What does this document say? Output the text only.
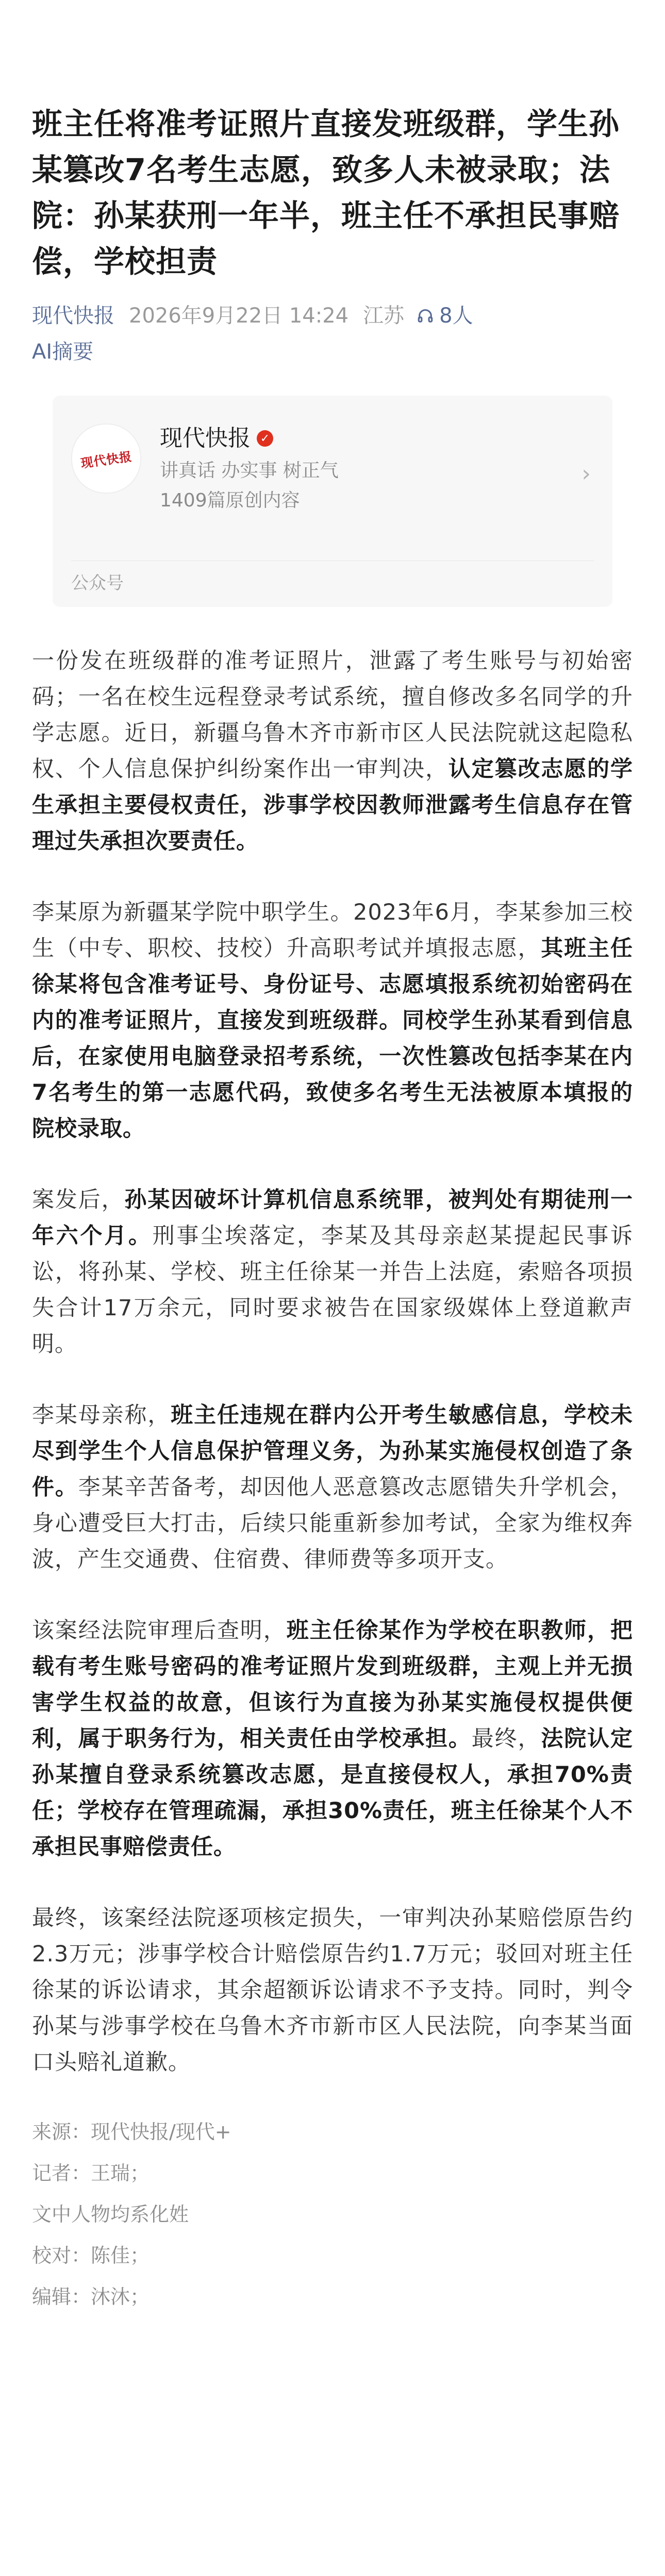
班主任将准考证照片直接发班级群，学生孙某篡改7名考生志愿，致多人未被录取；法院：孙某获刑一年半，班主任不承担民事赔偿，学校担责
现代快报 2026年9月22日 14:24 江苏 8人
AI摘要
现代快报
现代快报 ✓
讲真话 办实事 树正气
1409篇原创内容
›
公众号

一份发在班级群的准考证照片，泄露了考生账号与初始密码；一名在校生远程登录考试系统，擅自修改多名同学的升学志愿。近日，新疆乌鲁木齐市新市区人民法院就这起隐私权、个人信息保护纠纷案作出一审判决，认定篡改志愿的学生承担主要侵权责任，涉事学校因教师泄露考生信息存在管理过失承担次要责任。

李某原为新疆某学院中职学生。2023年6月，李某参加三校生（中专、职校、技校）升高职考试并填报志愿，其班主任徐某将包含准考证号、身份证号、志愿填报系统初始密码在内的准考证照片，直接发到班级群。同校学生孙某看到信息后，在家使用电脑登录招考系统，一次性篡改包括李某在内7名考生的第一志愿代码，致使多名考生无法被原本填报的院校录取。

案发后，孙某因破坏计算机信息系统罪，被判处有期徒刑一年六个月。刑事尘埃落定，李某及其母亲赵某提起民事诉讼，将孙某、学校、班主任徐某一并告上法庭，索赔各项损失合计17万余元，同时要求被告在国家级媒体上登道歉声明。

李某母亲称，班主任违规在群内公开考生敏感信息，学校未尽到学生个人信息保护管理义务，为孙某实施侵权创造了条件。李某辛苦备考，却因他人恶意篡改志愿错失升学机会，身心遭受巨大打击，后续只能重新参加考试，全家为维权奔波，产生交通费、住宿费、律师费等多项开支。

该案经法院审理后查明，班主任徐某作为学校在职教师，把载有考生账号密码的准考证照片发到班级群，主观上并无损害学生权益的故意，但该行为直接为孙某实施侵权提供便利，属于职务行为，相关责任由学校承担。最终，法院认定孙某擅自登录系统篡改志愿，是直接侵权人，承担70%责任；学校存在管理疏漏，承担30%责任，班主任徐某个人不承担民事赔偿责任。

最终，该案经法院逐项核定损失，一审判决孙某赔偿原告约2.3万元；涉事学校合计赔偿原告约1.7万元；驳回对班主任徐某的诉讼请求，其余超额诉讼请求不予支持。同时，判令孙某与涉事学校在乌鲁木齐市新市区人民法院，向李某当面口头赔礼道歉。

来源：现代快报/现代+
记者：王瑞；
文中人物均系化姓
校对：陈佳；
编辑：沐沐；
